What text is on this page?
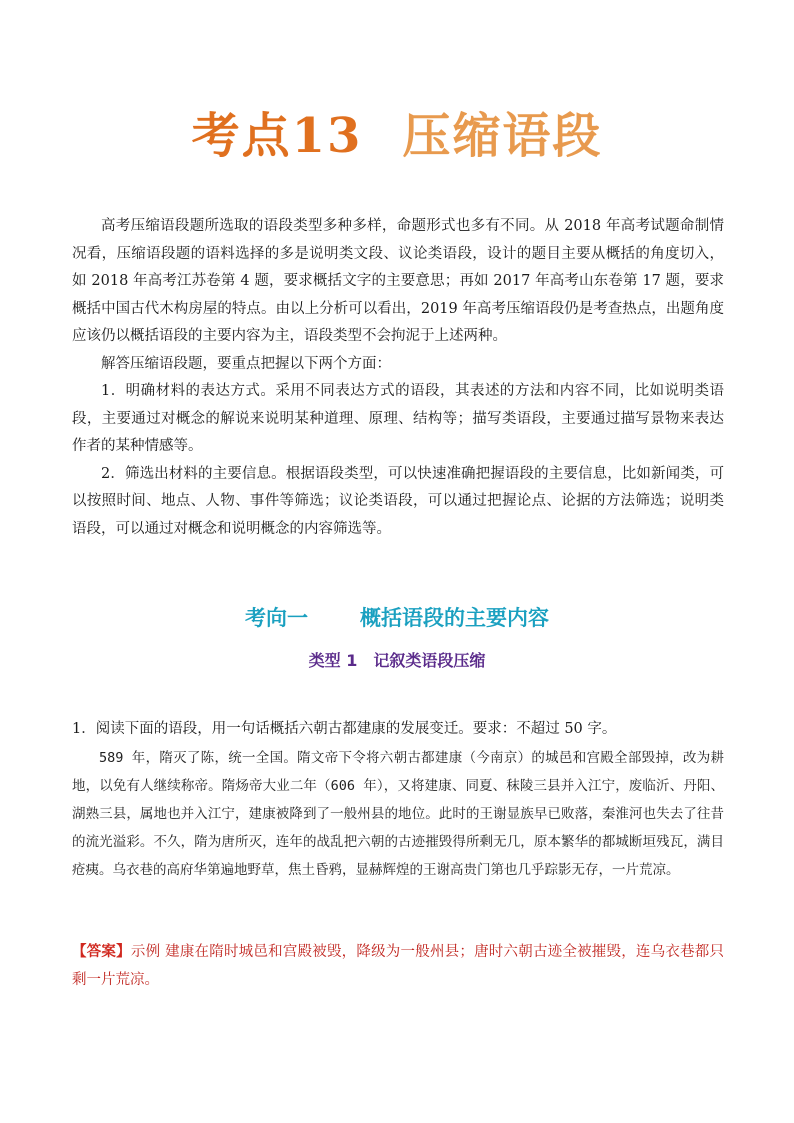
考点13 压缩语段

高考压缩语段题所选取的语段类型多种多样，命题形式也多有不同。从 2018 年高考试题命制情况看，压缩语段题的语料选择的多是说明类文段、议论类语段，设计的题目主要从概括的角度切入，如 2018 年高考江苏卷第 4 题，要求概括文字的主要意思；再如 2017 年高考山东卷第 17 题，要求概括中国古代木构房屋的特点。由以上分析可以看出，2019 年高考压缩语段仍是考查热点，出题角度应该仍以概括语段的主要内容为主，语段类型不会拘泥于上述两种。

解答压缩语段题，要重点把握以下两个方面：

1．明确材料的表达方式。采用不同表达方式的语段，其表述的方法和内容不同，比如说明类语段，主要通过对概念的解说来说明某种道理、原理、结构等；描写类语段，主要通过描写景物来表达作者的某种情感等。

2．筛选出材料的主要信息。根据语段类型，可以快速准确把握语段的主要信息，比如新闻类，可以按照时间、地点、人物、事件等筛选；议论类语段，可以通过把握论点、论据的方法筛选；说明类语段，可以通过对概念和说明概念的内容筛选等。

考向一 概括语段的主要内容
类型 1 记叙类语段压缩

1．阅读下面的语段，用一句话概括六朝古都建康的发展变迁。要求：不超过 50 字。

589 年，隋灭了陈，统一全国。隋文帝下令将六朝古都建康（今南京）的城邑和宫殿全部毁掉，改为耕地，以免有人继续称帝。隋炀帝大业二年（606 年），又将建康、同夏、秣陵三县并入江宁，废临沂、丹阳、湖熟三县，属地也并入江宁，建康被降到了一般州县的地位。此时的王谢显族早已败落，秦淮河也失去了往昔的流光溢彩。不久，隋为唐所灭，连年的战乱把六朝的古迹摧毁得所剩无几，原本繁华的都城断垣残瓦，满目疮痍。乌衣巷的高府华第遍地野草，焦土昏鸦，显赫辉煌的王谢高贵门第也几乎踪影无存，一片荒凉。

【答案】示例 建康在隋时城邑和宫殿被毁，降级为一般州县；唐时六朝古迹全被摧毁，连乌衣巷都只剩一片荒凉。
